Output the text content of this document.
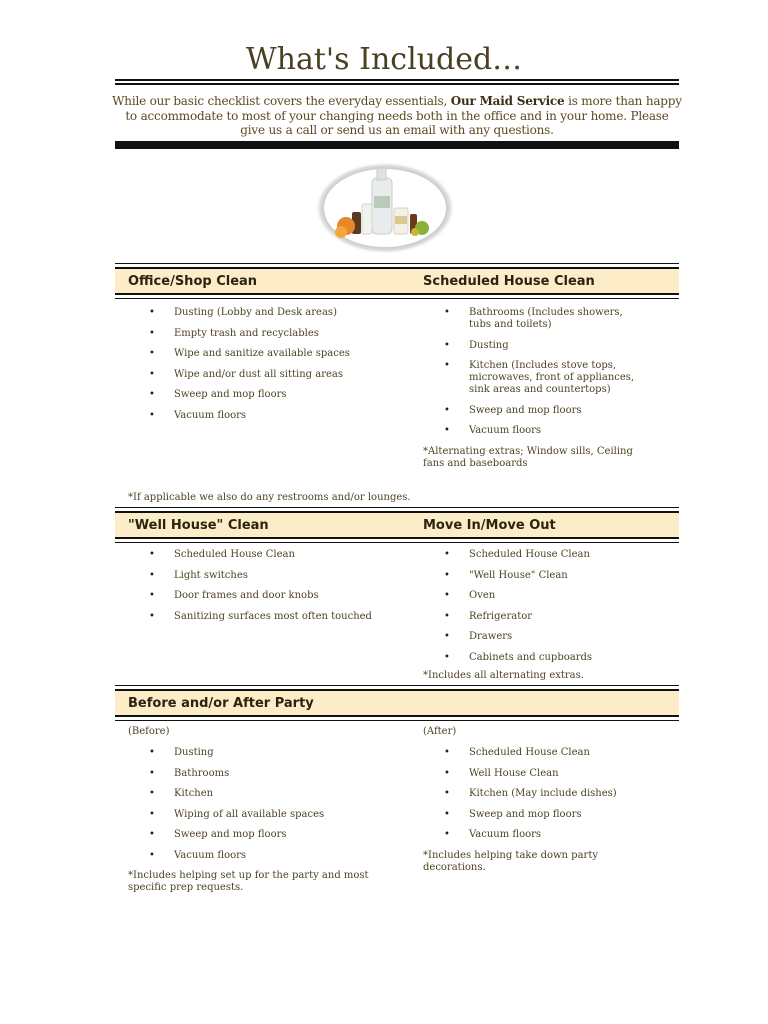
What's Included…
While our basic checklist covers the everyday essentials, Our Maid Service is more than happy to accommodate to most of your changing needs both in the office and in your home. Please give us a call or send us an email with any questions.
Office/Shop Clean	Scheduled House Clean
• Dusting (Lobby and Desk areas)
• Empty trash and recyclables
• Wipe and sanitize available spaces
• Wipe and/or dust all sitting areas
• Sweep and mop floors
• Vacuum floors
• Bathrooms (Includes showers, tubs and toilets)
• Dusting
• Kitchen (Includes stove tops, microwaves, front of appliances, sink areas and countertops)
• Sweep and mop floors
• Vacuum floors
*Alternating extras; Window sills, Ceiling fans and baseboards
*If applicable we also do any restrooms and/or lounges.
"Well House" Clean	Move In/Move Out
• Scheduled House Clean
• Light switches
• Door frames and door knobs
• Sanitizing surfaces most often touched
• Scheduled House Clean
• "Well House" Clean
• Oven
• Refrigerator
• Drawers
• Cabinets and cupboards
*Includes all alternating extras.
Before and/or After Party
(Before)
• Dusting
• Bathrooms
• Kitchen
• Wiping of all available spaces
• Sweep and mop floors
• Vacuum floors
*Includes helping set up for the party and most specific prep requests.
(After)
• Scheduled House Clean
• Well House Clean
• Kitchen (May include dishes)
• Sweep and mop floors
• Vacuum floors
*Includes helping take down party decorations.
